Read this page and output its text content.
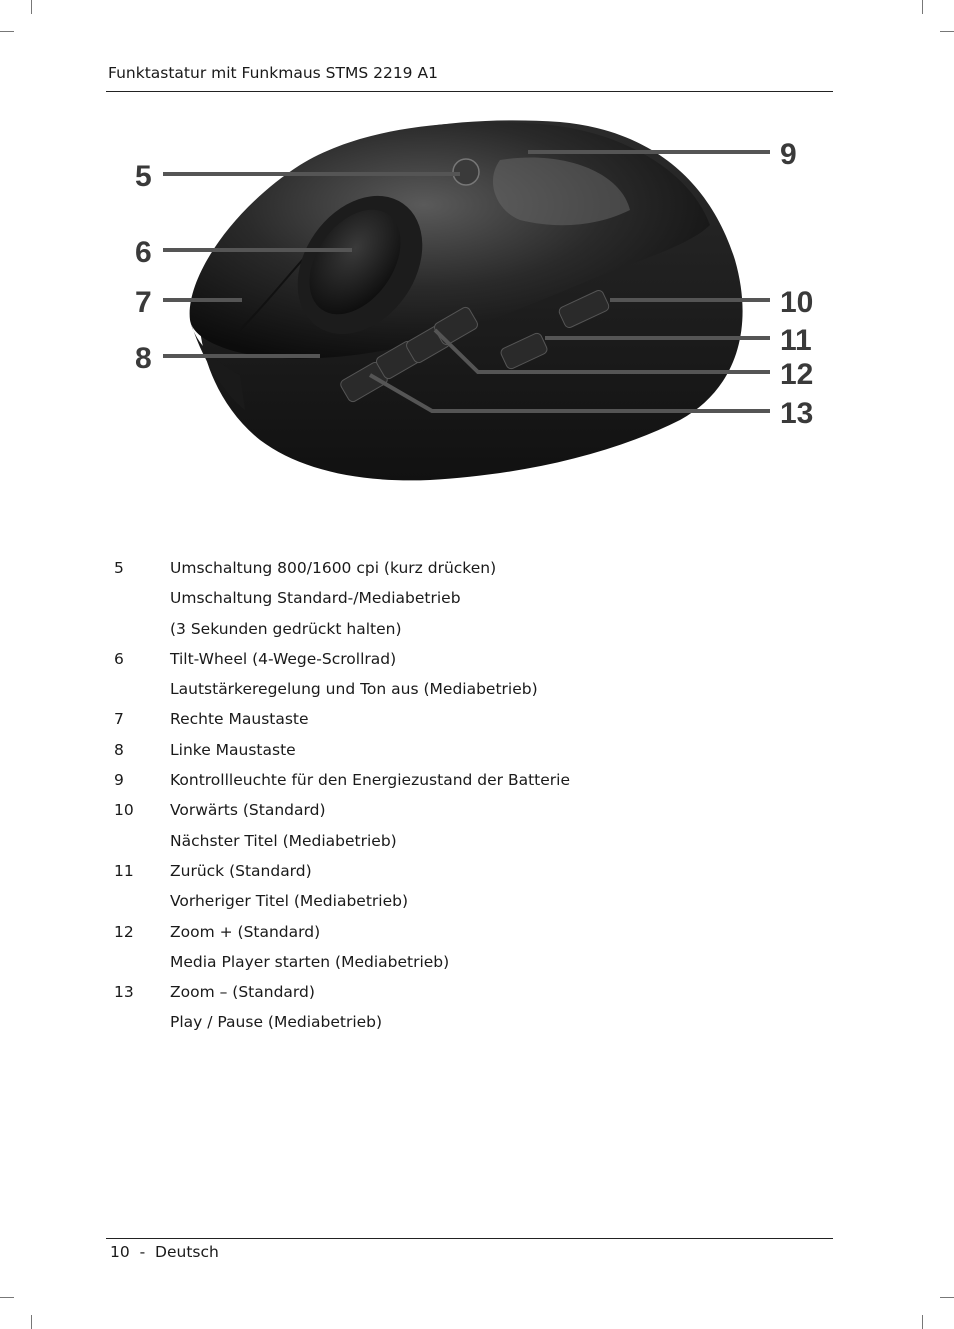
Funktastatur mit Funkmaus STMS 2219 A1
5
6
7
8
9
10
11
12
13
5	Umschaltung 800/1600 cpi (kurz drücken)
Umschaltung Standard-/Mediabetrieb
(3 Sekunden gedrückt halten)
6	Tilt-Wheel (4-Wege-Scrollrad)
Lautstärkeregelung und Ton aus (Mediabetrieb)
7	Rechte Maustaste
8	Linke Maustaste
9	Kontrollleuchte für den Energiezustand der Batterie
10 Vorwärts (Standard)
Nächster Titel (Mediabetrieb)
11 Zurück (Standard)
Vorheriger Titel (Mediabetrieb)
12 Zoom + (Standard)
Media Player starten (Mediabetrieb)
13 Zoom – (Standard)
Play / Pause (Mediabetrieb)
10 - Deutsch
